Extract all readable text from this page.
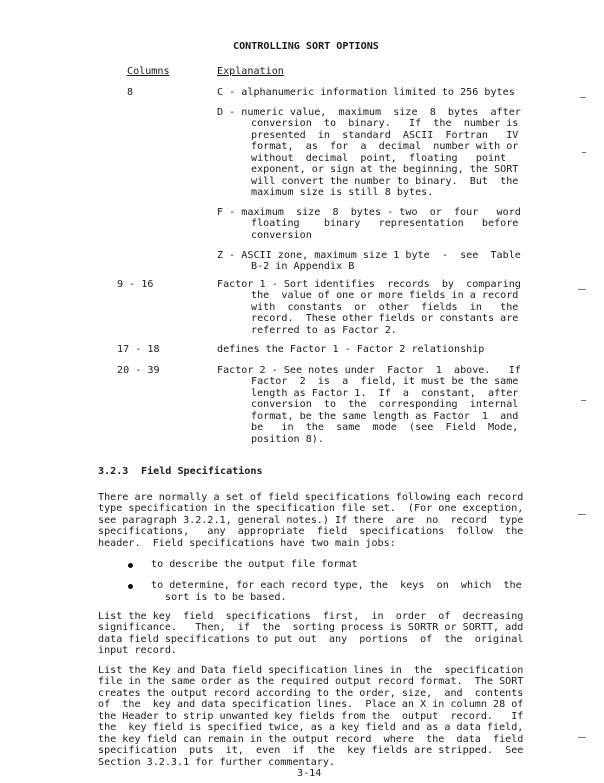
CONTROLLING SORT OPTIONS
Columns	Explanation
8	C - alphanumeric information limited to 256 bytes
D - numeric value,  maximum  size  8  bytes  after
conversion  to  binary.   If  the  number is
presented  in  standard  ASCII  Fortran   IV
format,  as  for  a  decimal  number with or
without  decimal  point,  floating   point
exponent, or sign at the beginning, the SORT
will convert the number to binary.  But  the
maximum size is still 8 bytes.
F - maximum  size  8  bytes - two  or  four   word
floating    binary   representation   before
conversion
Z - ASCII zone, maximum size 1 byte  -  see  Table
B-2 in Appendix B
9 - 16	Factor 1 - Sort identifies  records  by  comparing
the  value of one or more fields in a record
with  constants  or  other  fields  in   the
record.  These other fields or constants are
referred to as Factor 2.
17 - 18	defines the Factor 1 - Factor 2 relationship
20 - 39	Factor 2 - See notes under  Factor  1  above.   If
Factor  2  is  a  field, it must be the same
length as Factor 1.  If  a  constant,  after
conversion  to  the  corresponding  internal
format, be the same length as Factor  1  and
be   in  the  same  mode  (see  Field  Mode,
position 8).
3.2.3 Field Specifications
There are normally a set of field specifications following each record
type specification in the specification file set.  (For one exception,
see paragraph 3.2.2.1, general notes.) If there  are  no  record  type
specifications,   any  appropriate  field  specifications  follow  the
header.  Field specifications have two main jobs:
to describe the output file format
to determine, for each record type, the  keys  on  which  the
sort is to be based.
List the key  field  specifications  first,  in  order  of  decreasing
significance.   Then,  if  the  sorting process is SORTR or SORTT, add
data field specifications to put out  any  portions  of  the  original
input record.
List the Key and Data field specification lines in  the  specification
file in the same order as the required output record format.  The SORT
creates the output record according to the order, size,  and  contents
of  the  key and data specification lines.  Place an X in column 28 of
the Header to strip unwanted key fields from the  output  record.   If
the  key field is specified twice, as a key field and as a data field,
the key field can remain in the output record  where  the  data  field
specification  puts  it,  even  if  the  key fields are stripped.  See
Section 3.2.3.1 for further commentary.
3-14
